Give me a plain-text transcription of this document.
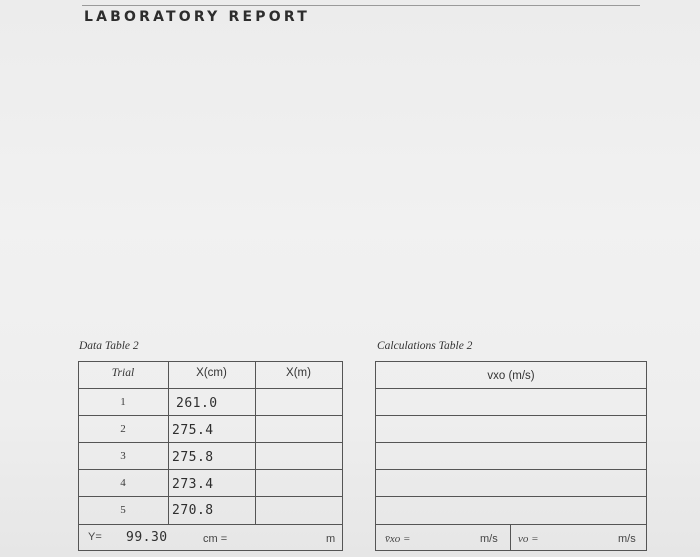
LABORATORY REPORT
Data Table 2
Trial	X(cm)	X(m)
1	261.0
2	275.4
3	275.8
4	273.4
5	270.8
Y= 99.30	cm =	m
Calculations Table 2
vxo (m/s)
v̄xo =	m/s vo =	m/s
